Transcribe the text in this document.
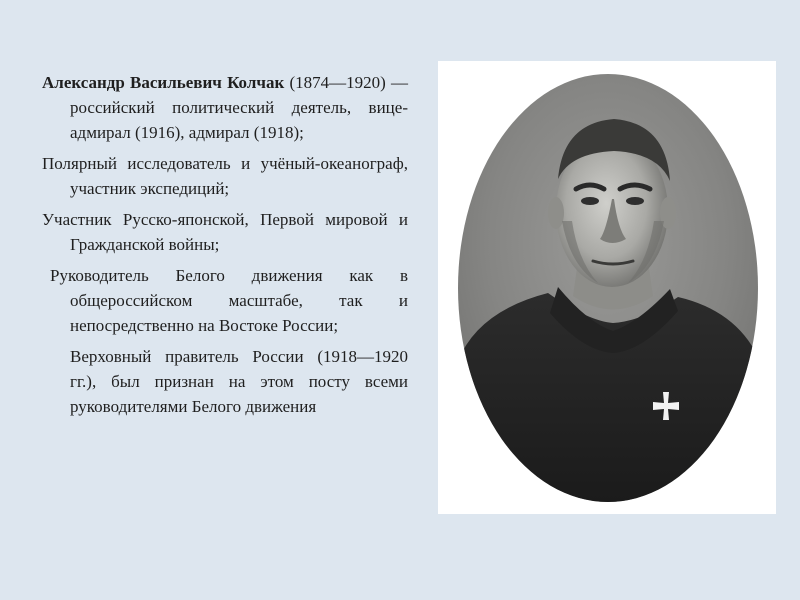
Александр Васильевич Колчак (1874—1920) — российский политический деятель, вице-адмирал (1916), адмирал (1918);

Полярный исследователь и учёный-океанограф, участник экспедиций;

Участник Русско-японской, Первой мировой и Гражданской войны;

Руководитель Белого движения как в общероссийском масштабе, так и непосредственно на Востоке России;

Верховный правитель России (1918—1920 гг.), был признан на этом посту всеми руководителями Белого движения
